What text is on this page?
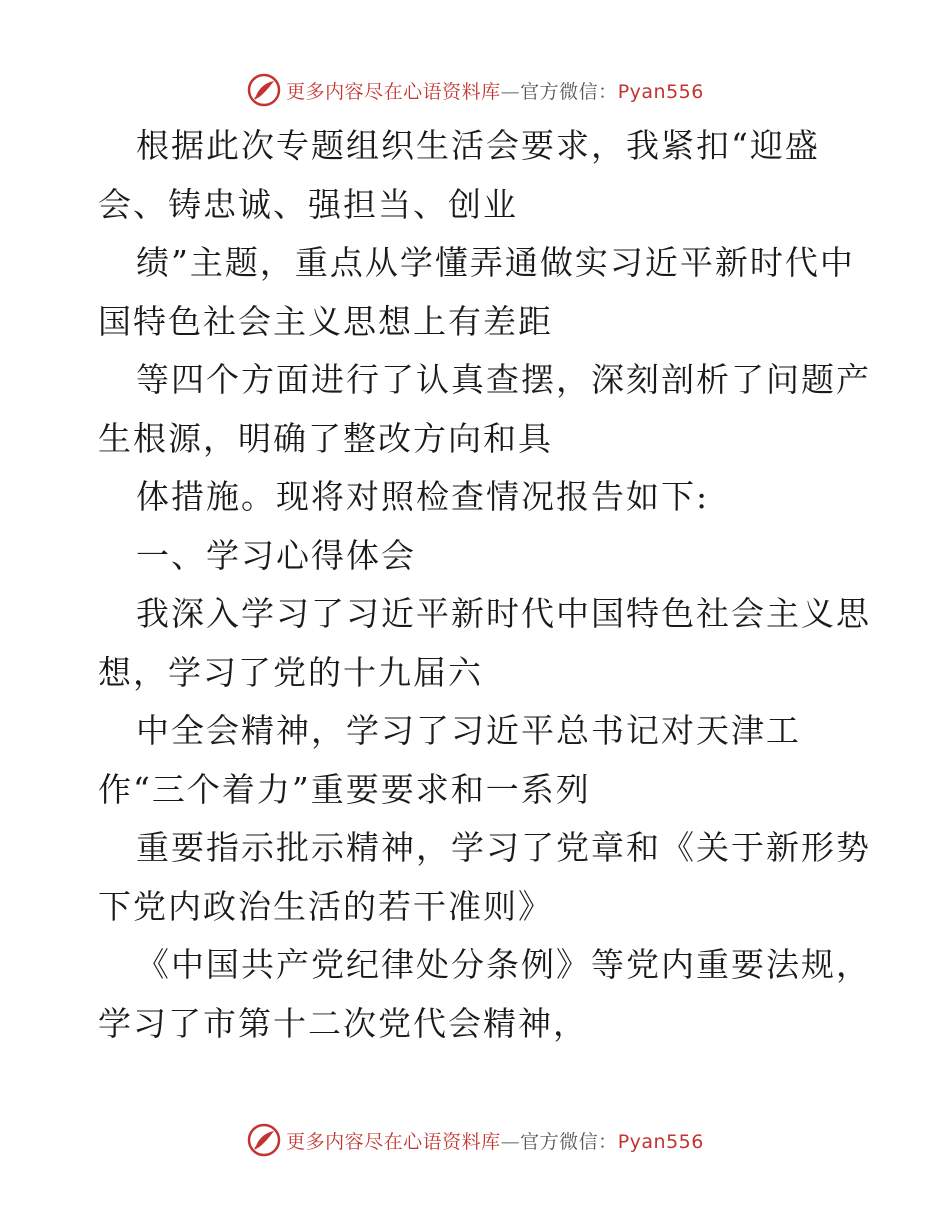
更多内容尽在心语资料库—官方微信：Pyan556
根据此次专题组织生活会要求，我紧扣“迎盛
会、铸忠诚、强担当、创业
绩”主题，重点从学懂弄通做实习近平新时代中
国特色社会主义思想上有差距
等四个方面进行了认真查摆，深刻剖析了问题产
生根源，明确了整改方向和具
体措施。现将对照检查情况报告如下:
一、学习心得体会
我深入学习了习近平新时代中国特色社会主义思
想，学习了党的十九届六
中全会精神，学习了习近平总书记对天津工
作“三个着力”重要要求和一系列
重要指示批示精神，学习了党章和《关于新形势
下党内政治生活的若干准则》
《中国共产党纪律处分条例》等党内重要法规，
学习了市第十二次党代会精神，
更多内容尽在心语资料库—官方微信：Pyan556
